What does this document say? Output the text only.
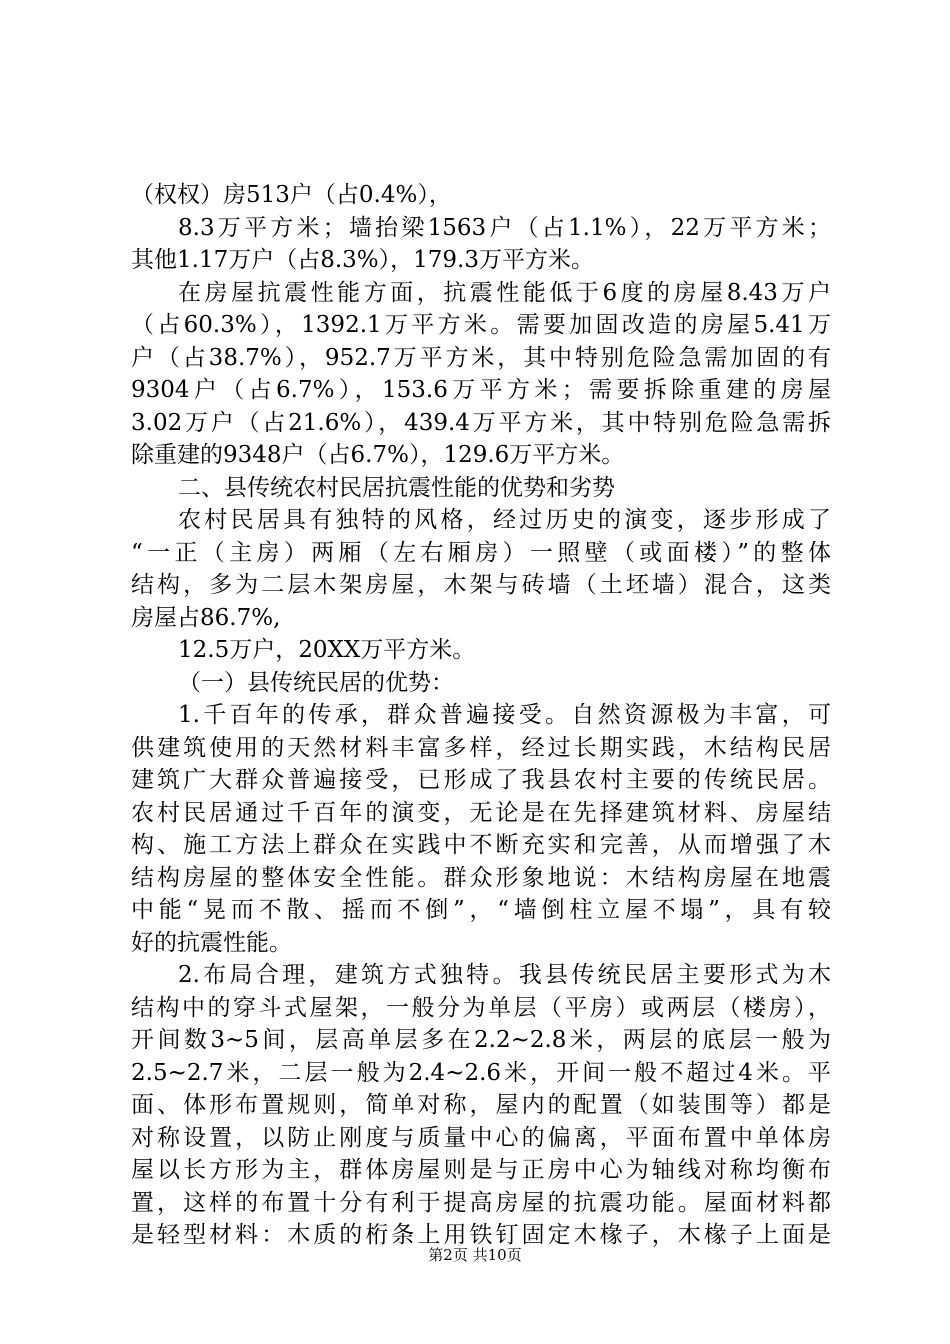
（权权）房513户（占0.4%），
8.3万平方米；墙抬梁1563户（占1.1%），22万平方米；
其他1.17万户（占8.3%），179.3万平方米。
在房屋抗震性能方面，抗震性能低于6度的房屋8.43万户
（占60.3%），1392.1万平方米。需要加固改造的房屋5.41万
户（占38.7%），952.7万平方米，其中特别危险急需加固的有
9304户（占6.7%），153.6万平方米；需要拆除重建的房屋
3.02万户（占21.6%），439.4万平方米，其中特别危险急需拆
除重建的9348户（占6.7%），129.6万平方米。
二、县传统农村民居抗震性能的优势和劣势
农村民居具有独特的风格，经过历史的演变，逐步形成了
“一正（主房）两厢（左右厢房）一照壁（或面楼）”的整体
结构，多为二层木架房屋，木架与砖墙（土坯墙）混合，这类
房屋占86.7%,
12.5万户，20XX万平方米。
（一）县传统民居的优势：
1.千百年的传承，群众普遍接受。自然资源极为丰富，可
供建筑使用的天然材料丰富多样，经过长期实践，木结构民居
建筑广大群众普遍接受，已形成了我县农村主要的传统民居。
农村民居通过千百年的演变，无论是在先择建筑材料、房屋结
构、施工方法上群众在实践中不断充实和完善，从而增强了木
结构房屋的整体安全性能。群众形象地说：木结构房屋在地震
中能“晃而不散、摇而不倒”，“墙倒柱立屋不塌”，具有较
好的抗震性能。
2.布局合理，建筑方式独特。我县传统民居主要形式为木
结构中的穿斗式屋架，一般分为单层（平房）或两层（楼房），
开间数3~5间，层高单层多在2.2~2.8米，两层的底层一般为
2.5~2.7米，二层一般为2.4~2.6米，开间一般不超过4米。平
面、体形布置规则，简单对称，屋内的配置（如装围等）都是
对称设置，以防止刚度与质量中心的偏离，平面布置中单体房
屋以长方形为主，群体房屋则是与正房中心为轴线对称均衡布
置，这样的布置十分有利于提高房屋的抗震功能。屋面材料都
是轻型材料：木质的桁条上用铁钉固定木椽子，木椽子上面是
第2页 共10页
